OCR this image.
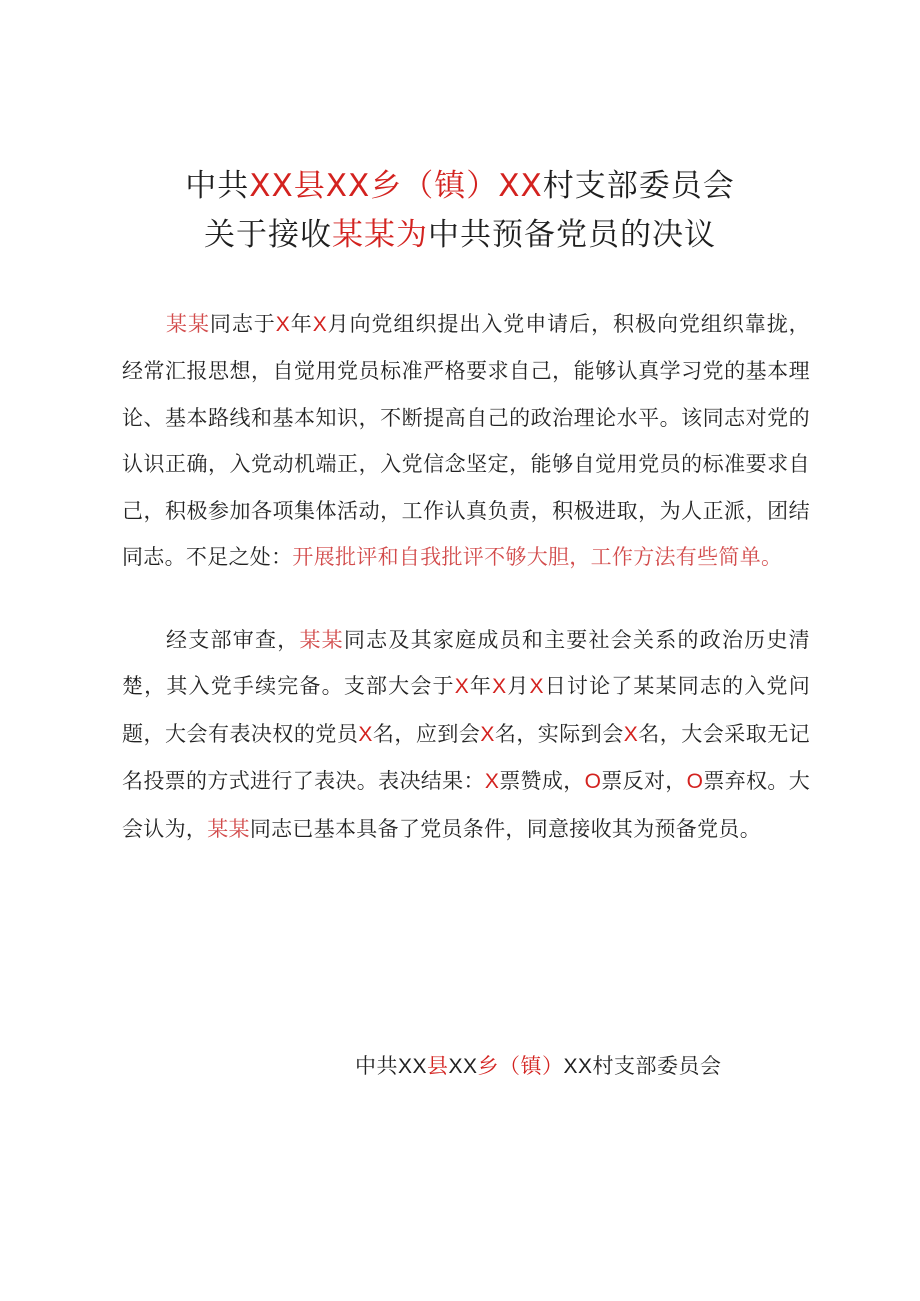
中共XX县XX乡（镇）XX村支部委员会
关于接收某某为中共预备党员的决议
某某同志于X年X月向党组织提出入党申请后，积极向党组织靠拢，经常汇报思想，自觉用党员标准严格要求自己，能够认真学习党的基本理论、基本路线和基本知识，不断提高自己的政治理论水平。该同志对党的认识正确，入党动机端正，入党信念坚定，能够自觉用党员的标准要求自己，积极参加各项集体活动，工作认真负责，积极进取，为人正派，团结同志。不足之处：开展批评和自我批评不够大胆，工作方法有些简单。
经支部审查，某某同志及其家庭成员和主要社会关系的政治历史清楚，其入党手续完备。支部大会于X年X月X日讨论了某某同志的入党问题，大会有表决权的党员X名，应到会X名，实际到会X名，大会采取无记名投票的方式进行了表决。表决结果：X票赞成，O票反对，O票弃权。大会认为，某某同志已基本具备了党员条件，同意接收其为预备党员。
中共XX县XX乡（镇）XX村支部委员会
